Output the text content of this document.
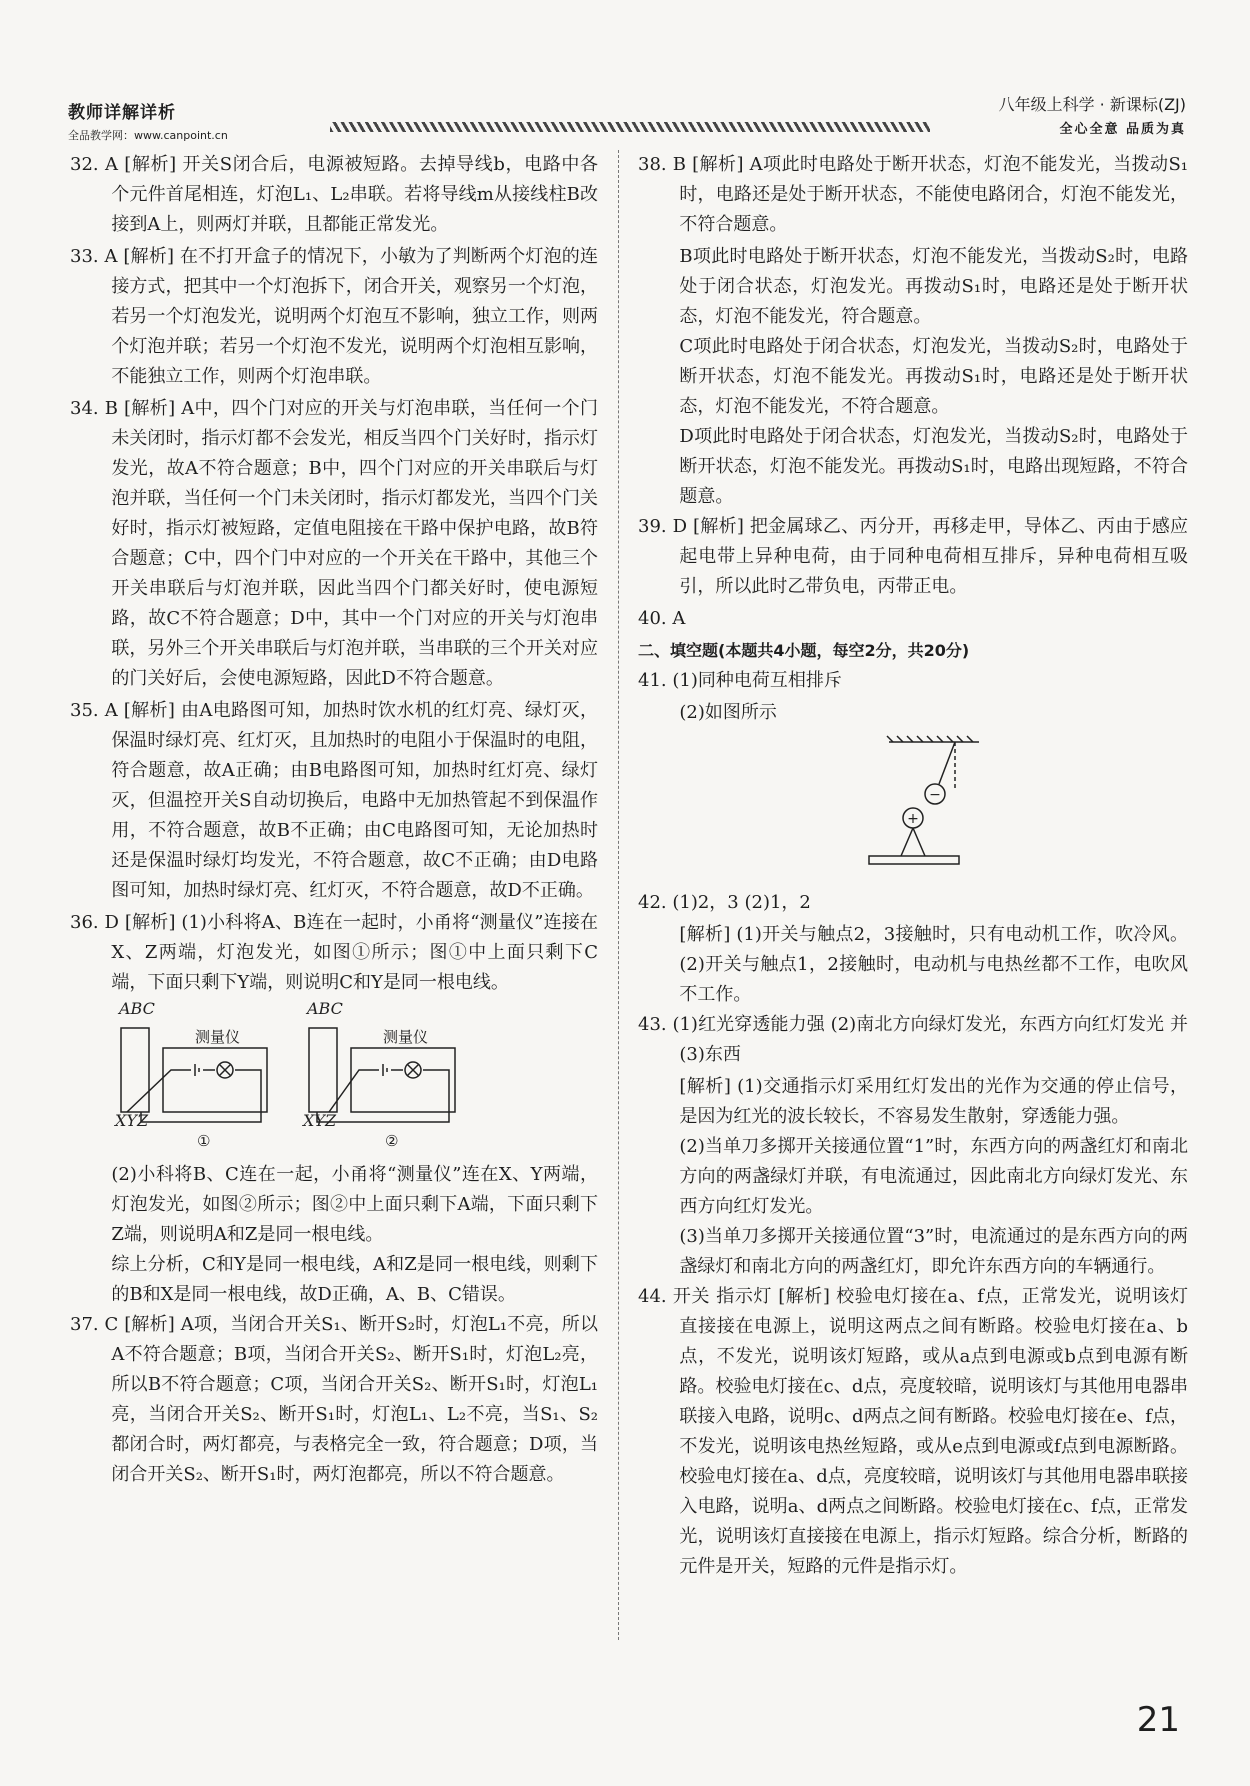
教师详解详析
全品教学网：www.canpoint.cn
八年级上科学 · 新课标(ZJ)
全心全意 品质为真

32. A [解析] 开关S闭合后，电源被短路。去掉导线b，电路中各个元件首尾相连，灯泡L₁、L₂串联。若将导线m从接线柱B改接到A上，则两灯并联，且都能正常发光。

33. A [解析] 在不打开盒子的情况下，小敏为了判断两个灯泡的连接方式，把其中一个灯泡拆下，闭合开关，观察另一个灯泡，若另一个灯泡发光，说明两个灯泡互不影响，独立工作，则两个灯泡并联；若另一个灯泡不发光，说明两个灯泡相互影响，不能独立工作，则两个灯泡串联。

34. B [解析] A中，四个门对应的开关与灯泡串联，当任何一个门未关闭时，指示灯都不会发光，相反当四个门关好时，指示灯发光，故A不符合题意；B中，四个门对应的开关串联后与灯泡并联，当任何一个门未关闭时，指示灯都发光，当四个门关好时，指示灯被短路，定值电阻接在干路中保护电路，故B符合题意；C中，四个门中对应的一个开关在干路中，其他三个开关串联后与灯泡并联，因此当四个门都关好时，使电源短路，故C不符合题意；D中，其中一个门对应的开关与灯泡串联，另外三个开关串联后与灯泡并联，当串联的三个开关对应的门关好后，会使电源短路，因此D不符合题意。

35. A [解析] 由A电路图可知，加热时饮水机的红灯亮、绿灯灭，保温时绿灯亮、红灯灭，且加热时的电阻小于保温时的电阻，符合题意，故A正确；由B电路图可知，加热时红灯亮、绿灯灭，但温控开关S自动切换后，电路中无加热管起不到保温作用，不符合题意，故B不正确；由C电路图可知，无论加热时还是保温时绿灯均发光，不符合题意，故C不正确；由D电路图可知，加热时绿灯亮、红灯灭，不符合题意，故D不正确。

36. D [解析] (1)小科将A、B连在一起时，小甬将“测量仪”连接在X、Z两端，灯泡发光，如图①所示；图①中上面只剩下C端，下面只剩下Y端，则说明C和Y是同一根电线。

ABC	ABC
XYZ	XYZ
测量仪	测量仪
①	②

(2)小科将B、C连在一起，小甬将“测量仪”连在X、Y两端，灯泡发光，如图②所示；图②中上面只剩下A端，下面只剩下Z端，则说明A和Z是同一根电线。

综上分析，C和Y是同一根电线，A和Z是同一根电线，则剩下的B和X是同一根电线，故D正确，A、B、C错误。

37. C [解析] A项，当闭合开关S₁、断开S₂时，灯泡L₁不亮，所以A不符合题意；B项，当闭合开关S₂、断开S₁时，灯泡L₂亮，所以B不符合题意；C项，当闭合开关S₂、断开S₁时，灯泡L₁亮，当闭合开关S₂、断开S₁时，灯泡L₁、L₂不亮，当S₁、S₂都闭合时，两灯都亮，与表格完全一致，符合题意；D项，当闭合开关S₂、断开S₁时，两灯泡都亮，所以不符合题意。

38. B [解析] A项此时电路处于断开状态，灯泡不能发光，当拨动S₁时，电路还是处于断开状态，不能使电路闭合，灯泡不能发光，不符合题意。

B项此时电路处于断开状态，灯泡不能发光，当拨动S₂时，电路处于闭合状态，灯泡发光。再拨动S₁时，电路还是处于断开状态，灯泡不能发光，符合题意。

C项此时电路处于闭合状态，灯泡发光，当拨动S₂时，电路处于断开状态，灯泡不能发光。再拨动S₁时，电路还是处于断开状态，灯泡不能发光，不符合题意。

D项此时电路处于闭合状态，灯泡发光，当拨动S₂时，电路处于断开状态，灯泡不能发光。再拨动S₁时，电路出现短路，不符合题意。

39. D [解析] 把金属球乙、丙分开，再移走甲，导体乙、丙由于感应起电带上异种电荷，由于同种电荷相互排斥，异种电荷相互吸引，所以此时乙带负电，丙带正电。

40. A

二、填空题(本题共4小题，每空2分，共20分)

41. (1)同种电荷互相排斥

(2)如图所示

+
−

42. (1)2，3 (2)1，2

[解析] (1)开关与触点2，3接触时，只有电动机工作，吹冷风。(2)开关与触点1，2接触时，电动机与电热丝都不工作，电吹风不工作。

43. (1)红光穿透能力强 (2)南北方向绿灯发光，东西方向红灯发光 并 (3)东西

[解析] (1)交通指示灯采用红灯发出的光作为交通的停止信号，是因为红光的波长较长，不容易发生散射，穿透能力强。

(2)当单刀多掷开关接通位置“1”时，东西方向的两盏红灯和南北方向的两盏绿灯并联，有电流通过，因此南北方向绿灯发光、东西方向红灯发光。

(3)当单刀多掷开关接通位置“3”时，电流通过的是东西方向的两盏绿灯和南北方向的两盏红灯，即允许东西方向的车辆通行。

44. 开关 指示灯 [解析] 校验电灯接在a、f点，正常发光，说明该灯直接接在电源上，说明这两点之间有断路。校验电灯接在a、b点，不发光，说明该灯短路，或从a点到电源或b点到电源有断路。校验电灯接在c、d点，亮度较暗，说明该灯与其他用电器串联接入电路，说明c、d两点之间有断路。校验电灯接在e、f点，不发光，说明该电热丝短路，或从e点到电源或f点到电源断路。校验电灯接在a、d点，亮度较暗，说明该灯与其他用电器串联接入电路，说明a、d两点之间断路。校验电灯接在c、f点，正常发光，说明该灯直接接在电源上，指示灯短路。综合分析，断路的元件是开关，短路的元件是指示灯。

21
